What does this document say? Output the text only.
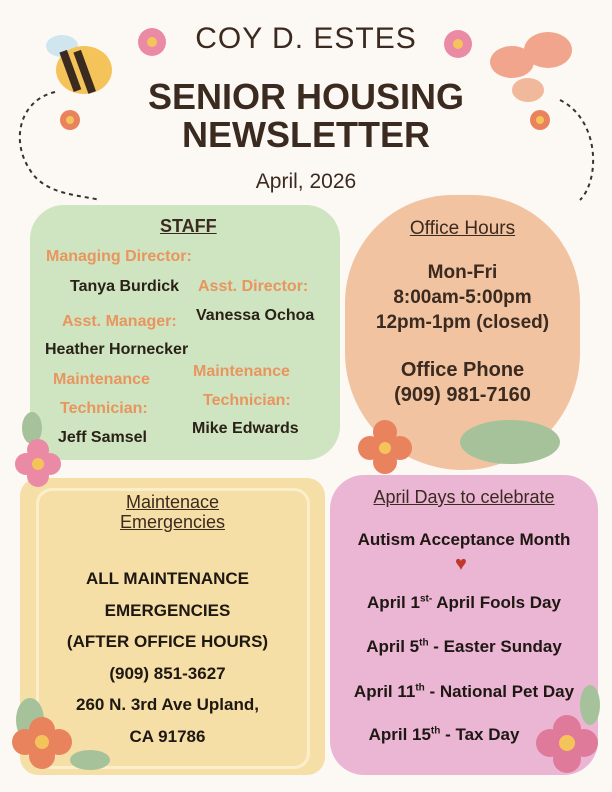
COY D. ESTES
SENIOR HOUSING
NEWSLETTER
April, 2026
STAFF
Managing Director:
Tanya Burdick Asst. Director:
Vanessa Ochoa
Asst. Manager:
Heather Hornecker
Maintenance
Technician:
Jeff Samsel
Maintenance
Technician:
Mike Edwards
Office Hours
Mon-Fri
8:00am-5:00pm
12pm-1pm (closed)
Office Phone
(909) 981-7160
Maintenace
Emergencies
ALL MAINTENANCE
EMERGENCIES
(AFTER OFFICE HOURS)
(909) 851-3627
260 N. 3rd Ave Upland,
CA 91786
April Days to celebrate
Autism Acceptance Month
♥
April $1^{st-}$ April Fools Day
April 5th - Easter Sunday
April 11th - National Pet Day
April 15th - Tax Day
